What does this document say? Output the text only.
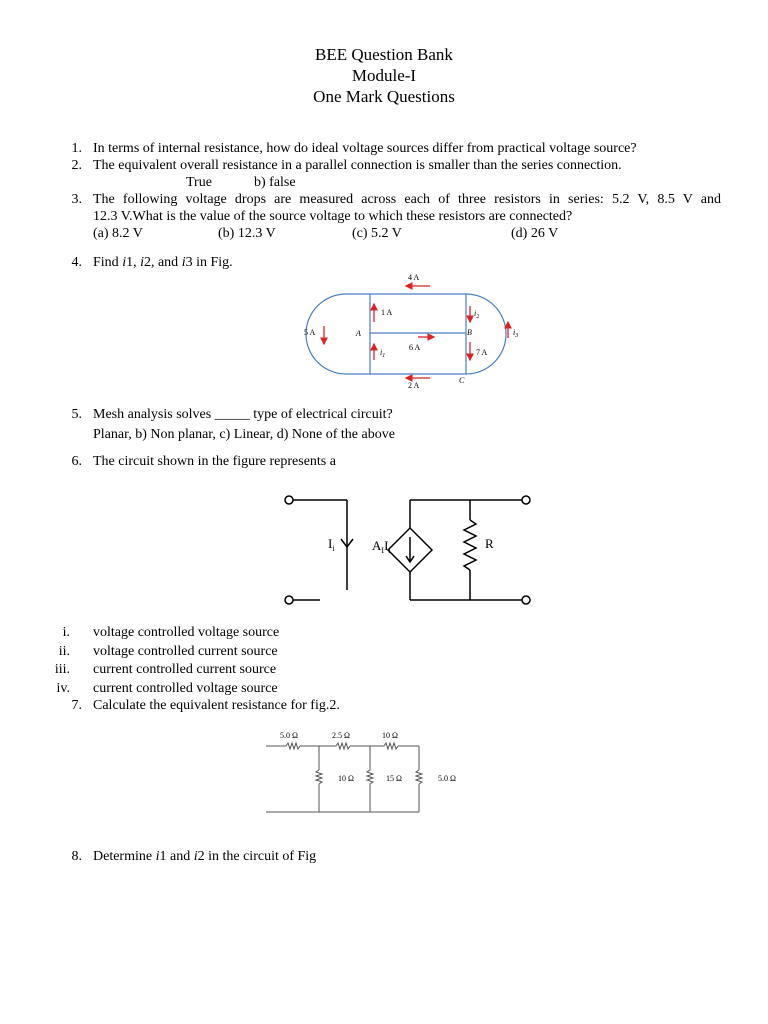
BEE Question Bank
Module-I
One Mark Questions
1. In terms of internal resistance, how do ideal voltage sources differ from practical voltage source?
2. The equivalent overall resistance in a parallel connection is smaller than the series connection.
True	b) false
3. The following voltage drops are measured across each of three resistors in series: 5.2 V, 8.5 V and
12.3 V.What is the value of the source voltage to which these resistors are connected?
(a) 8.2 V	(b) 12.3 V	(c) 5.2 V	(d) 26 V
4. Find i1, i2, and i3 in Fig.
4 A
1 A
6 A
2 A
5 A
7 A
A	B
C
$i_1$
$i_2$
$i_3$
5. Mesh analysis solves _____ type of electrical circuit?
Planar, b) Non planar, c) Linear, d) None of the above
6. The circuit shown in the figure represents a
$I_i$	$A_II_i$	R
i. voltage controlled voltage source
ii. voltage controlled current source
iii. current controlled current source
iv. current controlled voltage source
7. Calculate the equivalent resistance for fig.2.
5.0 Ω	2.5 Ω	10 Ω
10 Ω	15 Ω	5.0 Ω
8. Determine i1 and i2 in the circuit of Fig
